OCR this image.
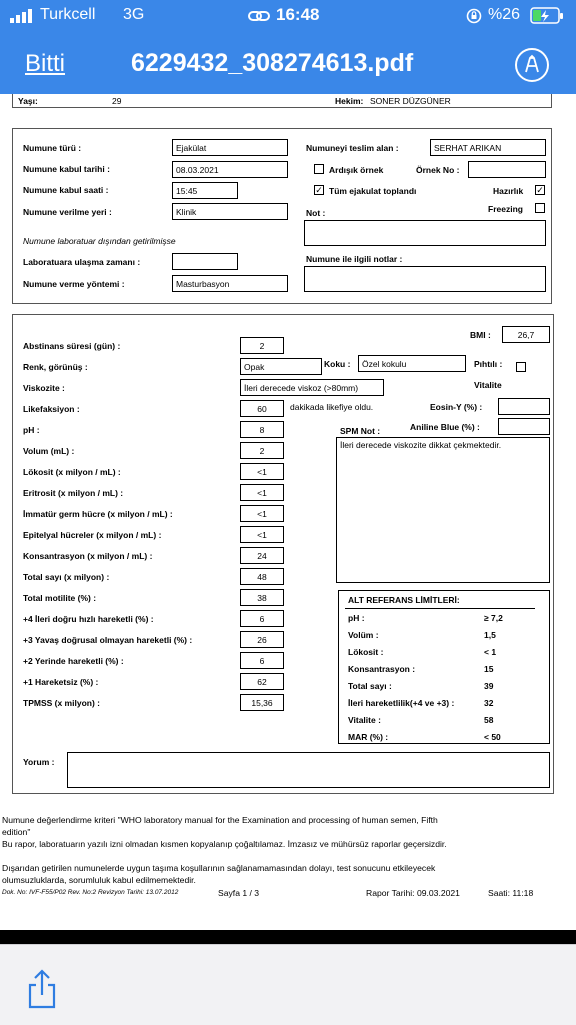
Turkcell 3G	16:48	%26
Bitti	6229432_308274613.pdf
Yaşı:	29	Hekim: SONER DÜZGÜNER
Numune türü :	Ejakülat
Numune kabul tarihi :	08.03.2021
Numune kabul saati :	15:45
Numune verilme yeri :	Klinik
Numune laboratuar dışından getirilmişse
Laboratuara ulaşma zamanı :
Numune verme yöntemi :	Masturbasyon
Numuneyi teslim alan :	SERHAT ARIKAN
Ardışık örnek	Örnek No :
✓ Tüm ejakulat toplandı	Hazırlık ✓
Freezing
Not :
Numune ile ilgili notlar :
Abstinans süresi (gün) :	2
Renk, görünüş :	Opak
Viskozite :	İleri derecede viskoz (>80mm)
Likefaksiyon :	60
pH :	8
Volum (mL) :	2
Lökosit (x milyon / mL) :	<1
Eritrosit (x milyon / mL) :	<1
İmmatür germ hücre (x milyon / mL) :	<1
Epitelyal hücreler (x milyon / mL) :	<1
Konsantrasyon (x milyon / mL) :	24
Total sayı (x milyon) :	48
Total motilite (%) :	38
+4 İleri doğru hızlı hareketli (%) :	6
+3 Yavaş doğrusal olmayan hareketli (%) :	26
+2 Yerinde hareketli (%) :	6
+1 Hareketsiz (%) :	62
TPMSS (x milyon) :	15,36
dakikada likefiye oldu.
Koku :	Özel kokulu	Pıhtılı :
BMI :	26,7
Vitalite
Eosin-Y (%) :
Aniline Blue (%) :
SPM Not :
İleri derecede viskozite dikkat çekmektedir.
ALT REFERANS LİMİTLERİ:
pH :	≥ 7,2
Volüm :	1,5
Lökosit :	< 1
Konsantrasyon :	15
Total sayı :	39
İleri hareketlilik(+4 ve +3) :	32
Vitalite :	58
MAR (%) :	< 50
Yorum :
Numune değerlendirme kriteri "WHO laboratory manual for the Examination and processing of human semen, Fifth
edition"
Bu rapor, laboratuarın yazılı izni olmadan kısmen kopyalanıp çoğaltılamaz. İmzasız ve mühürsüz raporlar geçersizdir.
Dışarıdan getirilen numunelerde uygun taşıma koşullarının sağlanamamasından dolayı, test sonucunu etkileyecek
olumsuzluklarda, sorumluluk kabul edilmemektedir.
Dok. No: IVF-F55/P02 Rev. No:2 Revizyon Tarihi: 13.07.2012	Sayfa 1 / 3	Rapor Tarihi: 09.03.2021	Saati: 11:18
